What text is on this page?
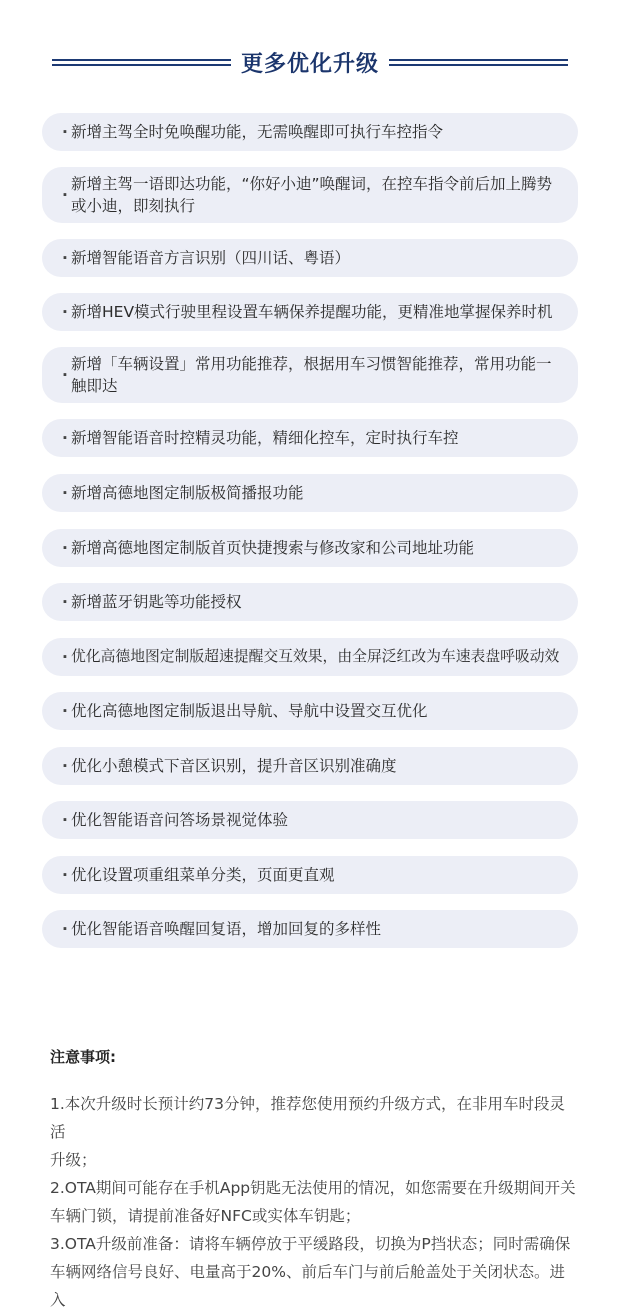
更多优化升级
· 新增主驾全时免唤醒功能，无需唤醒即可执行车控指令
·
新增主驾一语即达功能，“你好小迪”唤醒词，在控车指令前后加上腾势或小迪，即刻执行
· 新增智能语音方言识别（四川话、粤语）
· 新增HEV模式行驶里程设置车辆保养提醒功能，更精准地掌握保养时机
·
新增「车辆设置」常用功能推荐，根据用车习惯智能推荐，常用功能一触即达
· 新增智能语音时控精灵功能，精细化控车，定时执行车控
· 新增高德地图定制版极简播报功能
· 新增高德地图定制版首页快捷搜索与修改家和公司地址功能
· 新增蓝牙钥匙等功能授权
· 优化高德地图定制版超速提醒交互效果，由全屏泛红改为车速表盘呼吸动效
· 优化高德地图定制版退出导航、导航中设置交互优化
· 优化小憩模式下音区识别，提升音区识别准确度
· 优化智能语音问答场景视觉体验
· 优化设置项重组菜单分类，页面更直观
· 优化智能语音唤醒回复语，增加回复的多样性
注意事项:

1.本次升级时长预计约73分钟，推荐您使用预约升级方式，在非用车时段灵活

升级；

2.OTA期间可能存在手机App钥匙无法使用的情况，如您需要在升级期间开关

车辆门锁，请提前准备好NFC或实体车钥匙；

3.OTA升级前准备：请将车辆停放于平缓路段，切换为P挡状态；同时需确保

车辆网络信号良好、电量高于20%、前后车门与前后舱盖处于关闭状态。进入
